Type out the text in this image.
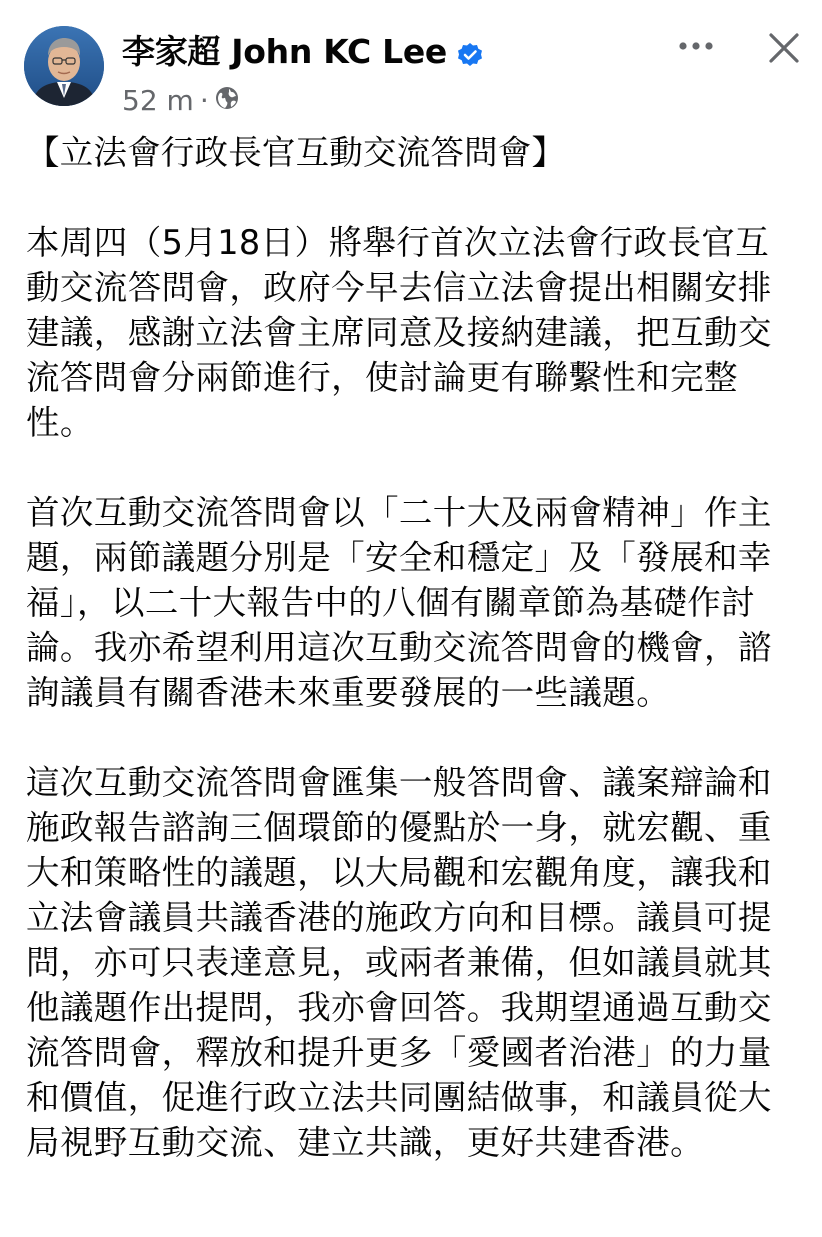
李家超 John KC Lee
52 m ·

【立法會行政長官互動交流答問會】

本周四（5月18日）將舉行首次立法會行政長官互動交流答問會，政府今早去信立法會提出相關安排建議，感謝立法會主席同意及接納建議，把互動交流答問會分兩節進行，使討論更有聯繫性和完整性。

首次互動交流答問會以「二十大及兩會精神」作主題，兩節議題分別是「安全和穩定」及「發展和幸福」，以二十大報告中的八個有關章節為基礎作討論。我亦希望利用這次互動交流答問會的機會，諮詢議員有關香港未來重要發展的一些議題。

這次互動交流答問會匯集一般答問會、議案辯論和施政報告諮詢三個環節的優點於一身，就宏觀、重大和策略性的議題，以大局觀和宏觀角度，讓我和立法會議員共議香港的施政方向和目標。議員可提問，亦可只表達意見，或兩者兼備，但如議員就其他議題作出提問，我亦會回答。我期望通過互動交流答問會，釋放和提升更多「愛國者治港」的力量和價值，促進行政立法共同團結做事，和議員從大局視野互動交流、建立共識，更好共建香港。
